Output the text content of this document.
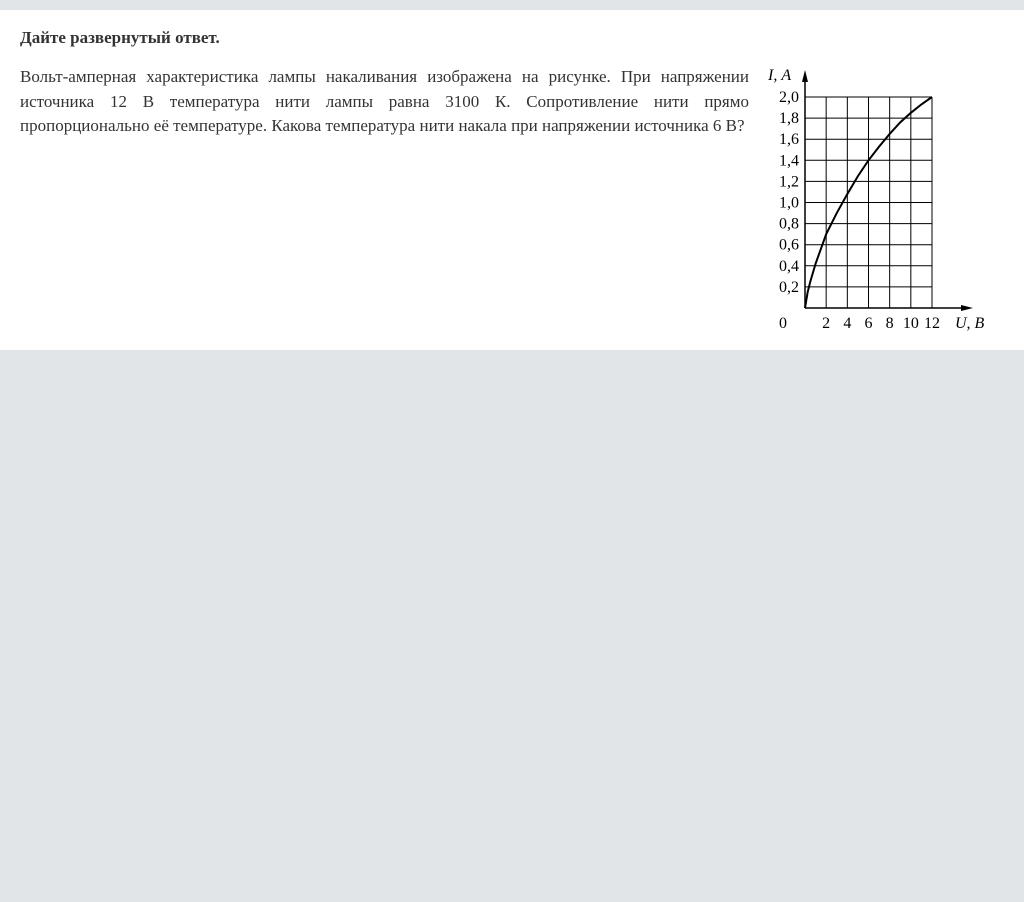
Дайте развернутый ответ.
Вольт-амперная характеристика лампы накаливания изображена на рисунке. При напряжении источника 12 В температура нити лампы равна 3100 К. Сопротивление нити прямо пропорционально её температуре. Какова температура нити накала при напряжении источника 6 В?
2 4 6 8 10 12
0,2
0,4
0,6
0,8
1,0
1,2
1,4
1,6
1,8
2,0
0	U, В
I, А
